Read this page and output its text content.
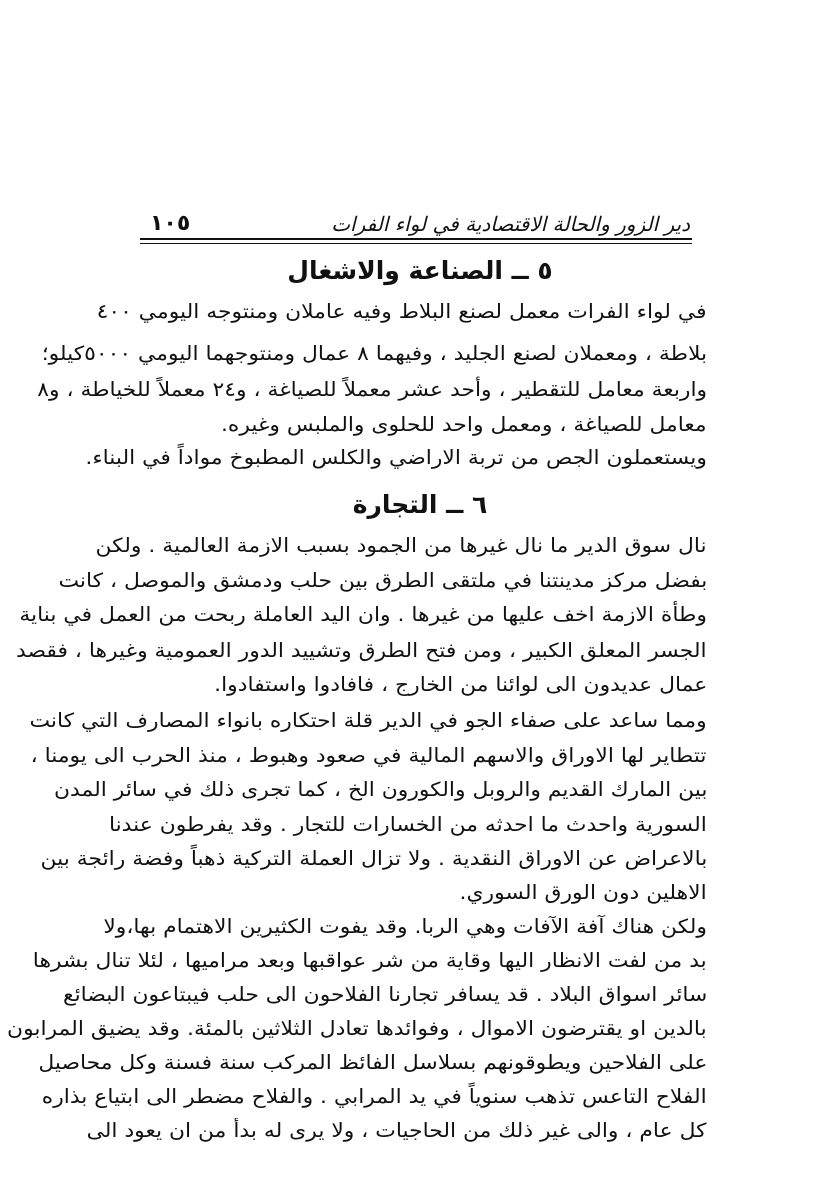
دير الزور والحالة الاقتصادية في لواء الفرات
١٠٥
٥ ــ الصناعة والاشغال
في لواء الفرات معمل لصنع البلاط وفيه عاملان ومنتوجه اليومي ٤٠٠
بلاطة ، ومعملان لصنع الجليد ، وفيهما ٨ عمال ومنتوجهما اليومي ٥٠٠٠كيلو؛
واربعة معامل للتقطير ، وأحد عشر معملاً للصياغة ، و٢٤ معملاً للخياطة ، و٨
معامل للصياغة ، ومعمل واحد للحلوى والملبس وغيره.
ويستعملون الجص من تربة الاراضي والكلس المطبوخ مواداً في البناء.
٦ ــ التجارة
نال سوق الدير ما نال غيرها من الجمود بسبب الازمة العالمية . ولكن
بفضل مركز مدينتنا في ملتقى الطرق بين حلب ودمشق والموصل ، كانت
وطأة الازمة اخف عليها من غيرها . وان اليد العاملة ربحت من العمل في بناية
الجسر المعلق الكبير ، ومن فتح الطرق وتشييد الدور العمومية وغيرها ، فقصد
عمال عديدون الى لوائنا من الخارج ، فافادوا واستفادوا.
ومما ساعد على صفاء الجو في الدير قلة احتكاره بانواء المصارف التي كانت
تتطاير لها الاوراق والاسهم المالية في صعود وهبوط ، منذ الحرب الى يومنا ،
بين المارك القديم والروبل والكورون الخ ، كما تجرى ذلك في سائر المدن
السورية واحدث ما احدثه من الخسارات للتجار . وقد يفرطون عندنا
بالاعراض عن الاوراق النقدية . ولا تزال العملة التركية ذهباً وفضة رائجة بين
الاهلين دون الورق السوري.
ولكن هناك آفة الآفات وهي الربا. وقد يفوت الكثيرين الاهتمام بها،ولا
بد من لفت الانظار اليها وقاية من شر عواقبها وبعد مراميها ، لئلا تنال بشرها
سائر اسواق البلاد . قد يسافر تجارنا الفلاحون الى حلب فيبتاعون البضائع
بالدين او يقترضون الاموال ، وفوائدها تعادل الثلاثين بالمئة. وقد يضيق المرابون
على الفلاحين ويطوقونهم بسلاسل الفائظ المركب سنة فسنة وكل محاصيل
الفلاح التاعس تذهب سنوياً في يد المرابي . والفلاح مضطر الى ابتياع بذاره
كل عام ، والى غير ذلك من الحاجيات ، ولا يرى له بدأ من ان يعود الى
